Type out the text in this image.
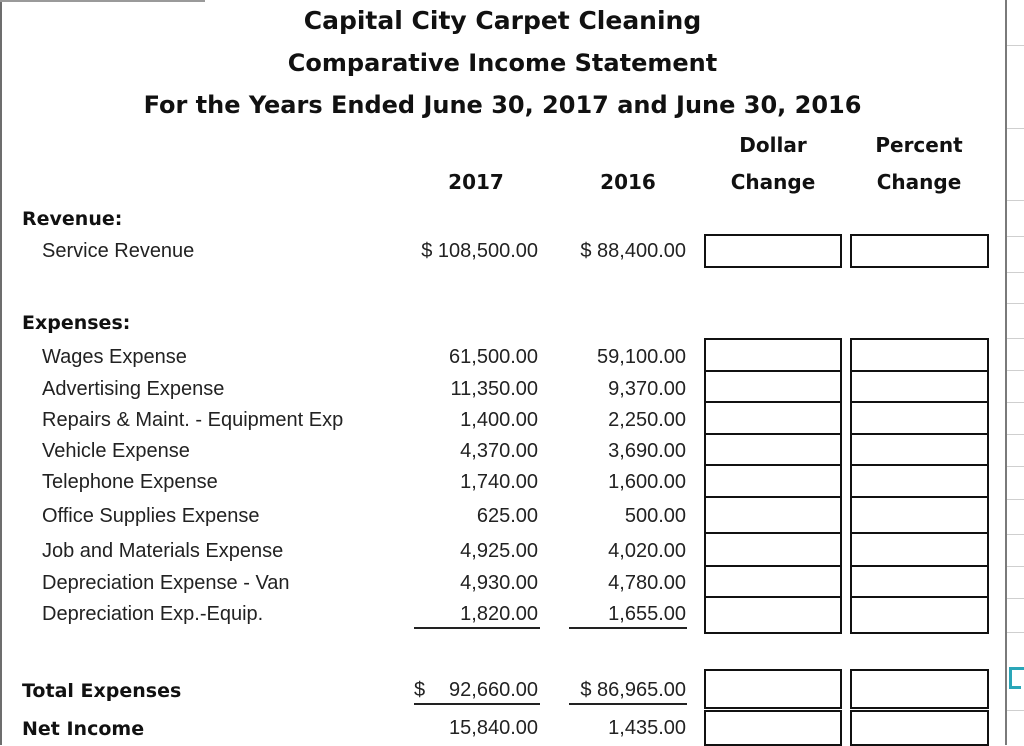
Capital City Carpet Cleaning
Comparative Income Statement
For the Years Ended June 30, 2017 and June 30, 2016
2017	2016
Dollar
Change
Percent
Change
Revenue:
Service Revenue	$ 108,500.00	$ 88,400.00
Expenses:
Wages Expense	61,500.00	59,100.00
Advertising Expense	11,350.00	9,370.00
Repairs & Maint. - Equipment Exp	1,400.00	2,250.00
Vehicle Expense	4,370.00	3,690.00
Telephone Expense	1,740.00	1,600.00
Office Supplies Expense	625.00	500.00
Job and Materials Expense	4,925.00	4,020.00
Depreciation Expense - Van	4,930.00	4,780.00
Depreciation Exp.-Equip.	1,820.00	1,655.00
Total Expenses	$	92,660.00	$ 86,965.00
Net Income	15,840.00	1,435.00
